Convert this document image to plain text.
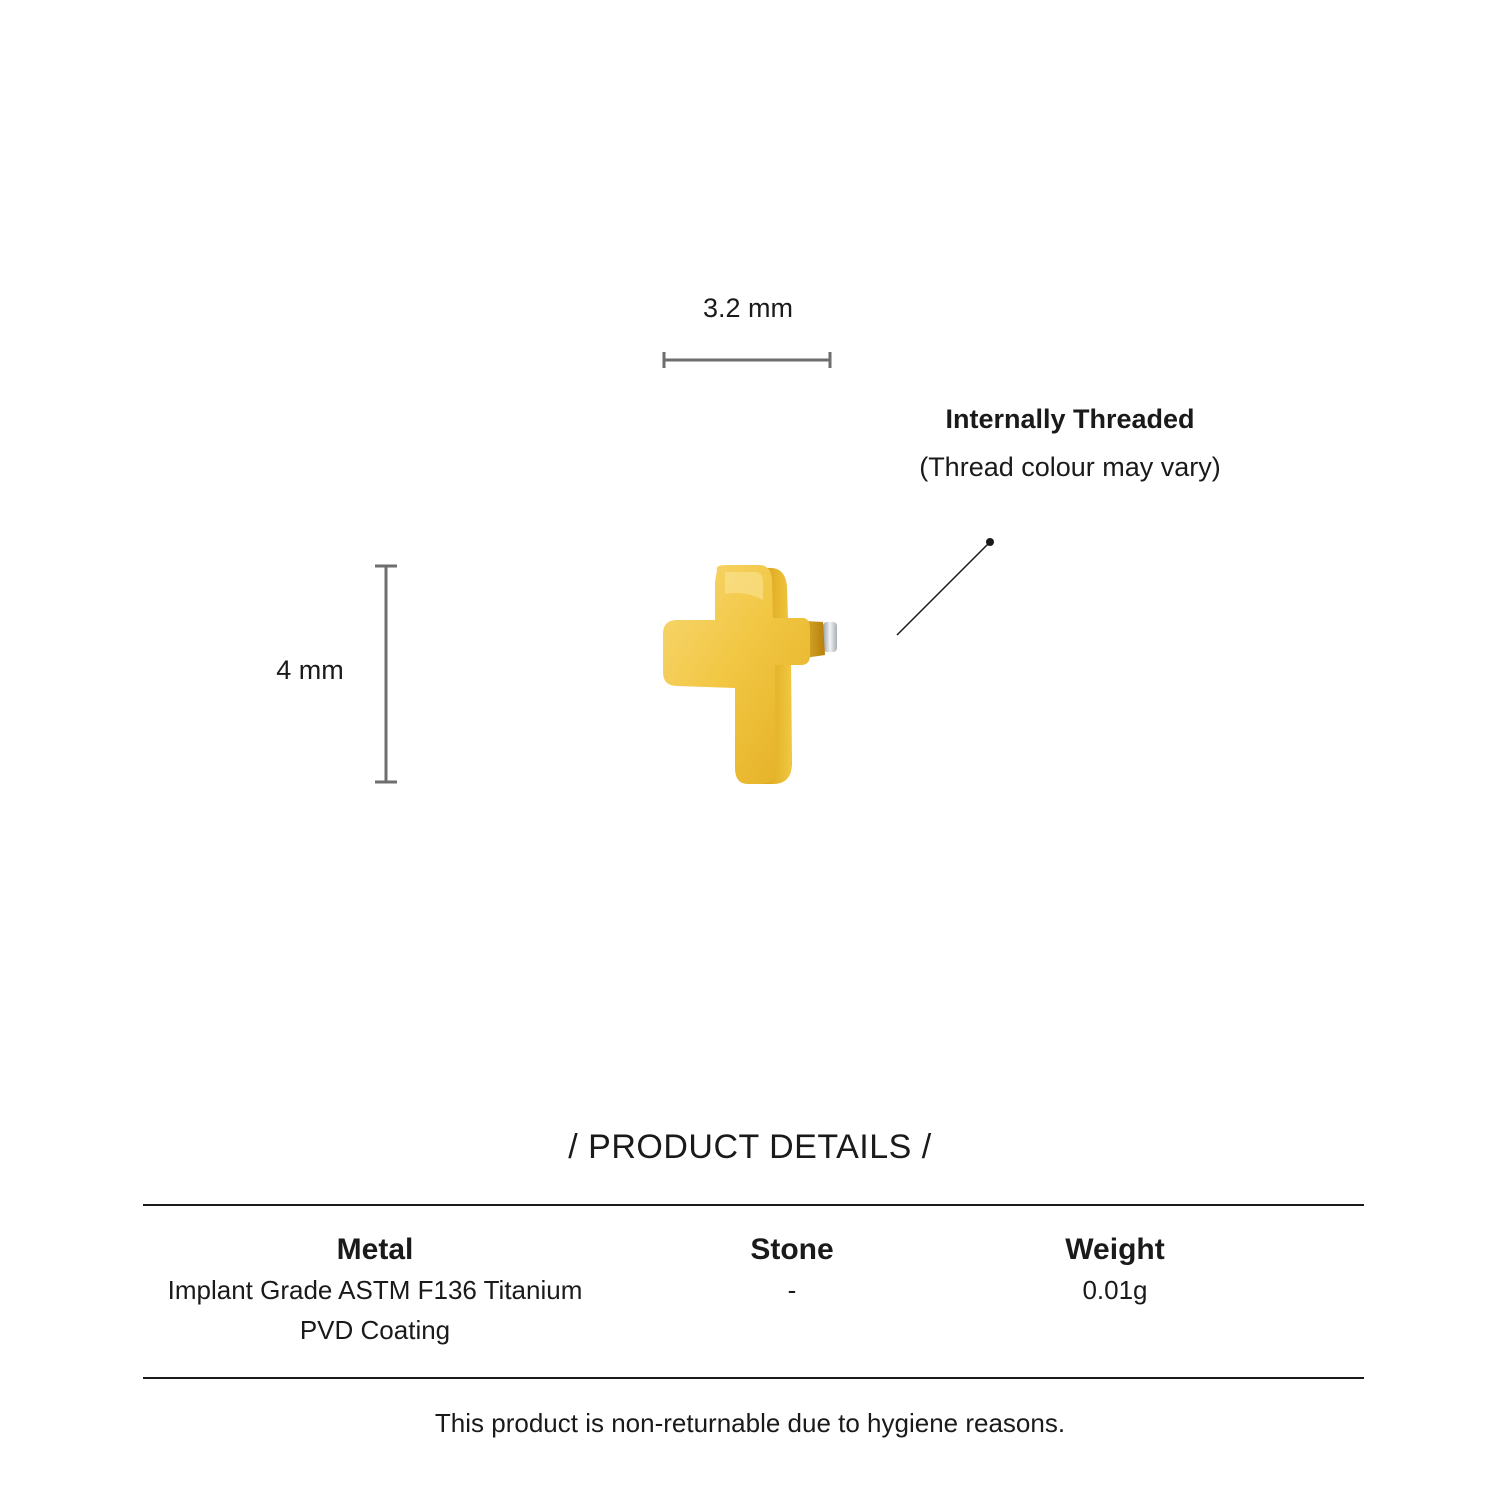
3.2 mm
4 mm
Internally Threaded
(Thread colour may vary)
/ PRODUCT DETAILS /
Metal
Implant Grade ASTM F136 Titanium
PVD Coating
Stone
-
Weight
0.01g
This product is non-returnable due to hygiene reasons.
